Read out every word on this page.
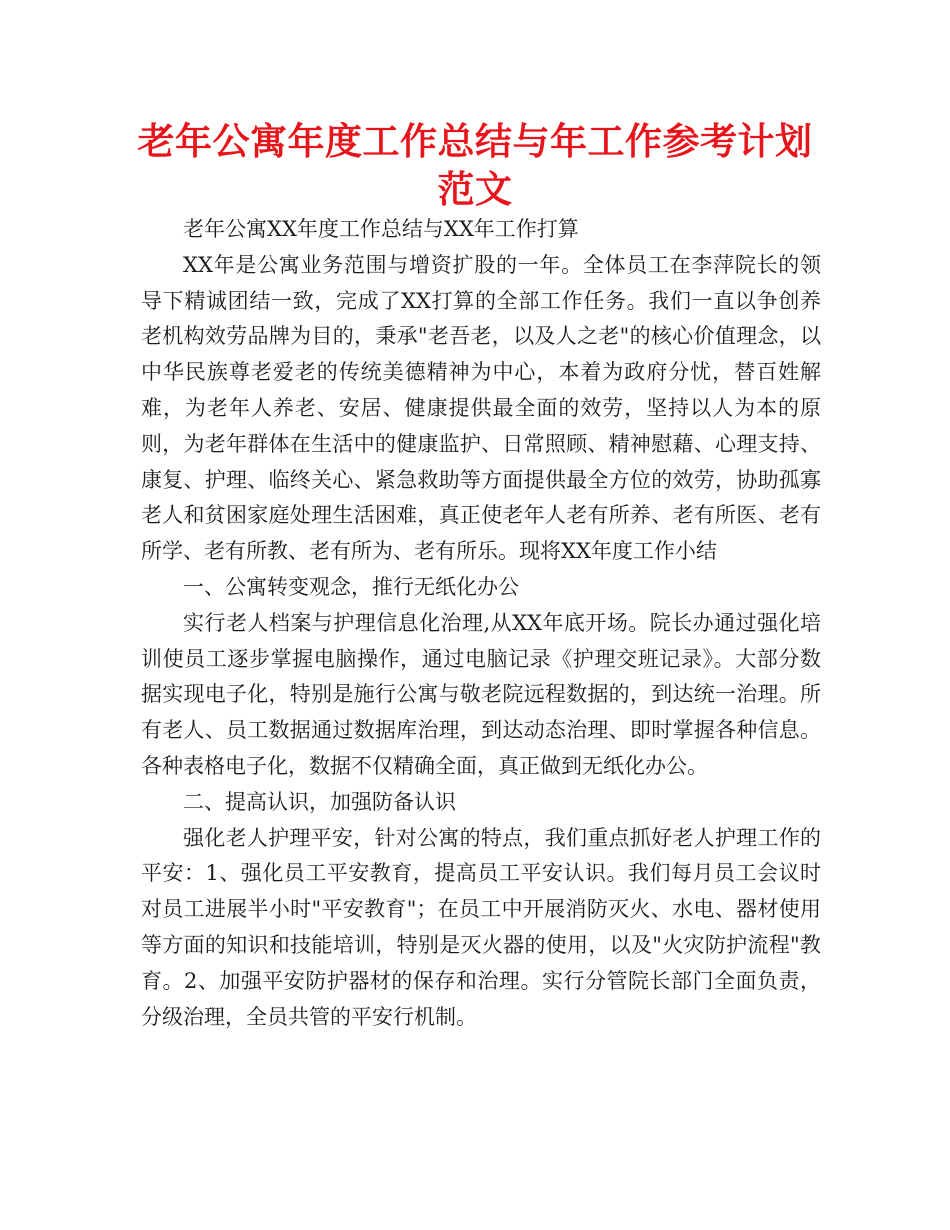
老年公寓年度工作总结与年工作参考计划范文

老年公寓XX年度工作总结与XX年工作打算

XX年是公寓业务范围与增资扩股的一年。全体员工在李萍院长的领导下精诚团结一致，完成了XX打算的全部工作任务。我们一直以争创养老机构效劳品牌为目的，秉承"老吾老，以及人之老"的核心价值理念，以中华民族尊老爱老的传统美德精神为中心，本着为政府分忧，替百姓解难，为老年人养老、安居、健康提供最全面的效劳，坚持以人为本的原则，为老年群体在生活中的健康监护、日常照顾、精神慰藉、心理支持、康复、护理、临终关心、紧急救助等方面提供最全方位的效劳，协助孤寡老人和贫困家庭处理生活困难，真正使老年人老有所养、老有所医、老有所学、老有所教、老有所为、老有所乐。现将XX年度工作小结

一、公寓转变观念，推行无纸化办公

实行老人档案与护理信息化治理,从XX年底开场。院长办通过强化培训使员工逐步掌握电脑操作，通过电脑记录《护理交班记录》。大部分数据实现电子化，特别是施行公寓与敬老院远程数据的，到达统一治理。所有老人、员工数据通过数据库治理，到达动态治理、即时掌握各种信息。各种表格电子化，数据不仅精确全面，真正做到无纸化办公。

二、提高认识，加强防备认识

强化老人护理平安，针对公寓的特点，我们重点抓好老人护理工作的平安：1、强化员工平安教育，提高员工平安认识。我们每月员工会议时对员工进展半小时"平安教育"；在员工中开展消防灭火、水电、器材使用等方面的知识和技能培训，特别是灭火器的使用，以及"火灾防护流程"教育。2、加强平安防护器材的保存和治理。实行分管院长部门全面负责，分级治理，全员共管的平安行机制。
